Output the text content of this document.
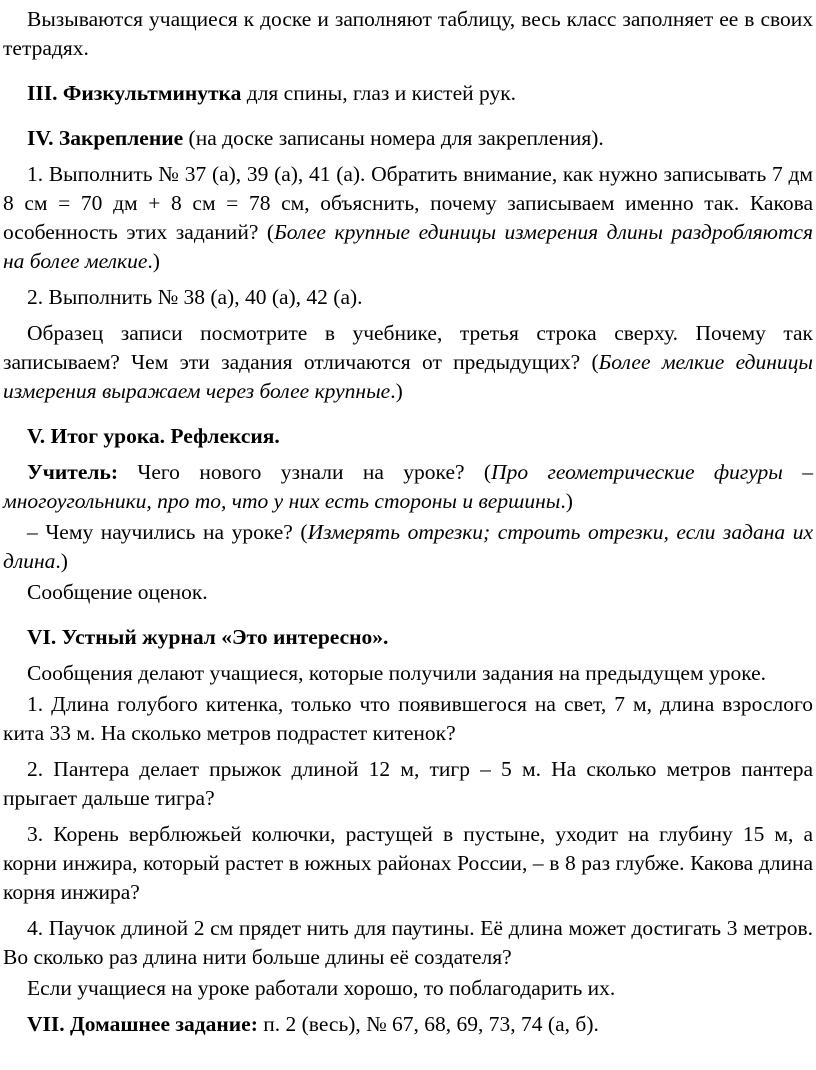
Вызываются учащиеся к доске и заполняют таблицу, весь класс заполняет ее в своих тетрадях.

III. Физкультминутка для спины, глаз и кистей рук.

IV. Закрепление (на доске записаны номера для закрепления).

1. Выполнить № 37 (а), 39 (а), 41 (а). Обратить внимание, как нужно записывать 7 дм 8 см = 70 дм + 8 см = 78 см, объяснить, почему записываем именно так. Какова особенность этих заданий? (Более крупные единицы измерения длины раздробляются на более мелкие.)

2. Выполнить № 38 (а), 40 (а), 42 (а).

Образец записи посмотрите в учебнике, третья строка сверху. Почему так записываем? Чем эти задания отличаются от предыдущих? (Более мелкие единицы измерения выражаем через более крупные.)

V. Итог урока. Рефлексия.

Учитель: Чего нового узнали на уроке? (Про геометрические фигуры – многоугольники, про то, что у них есть стороны и вершины.)

– Чему научились на уроке? (Измерять отрезки; строить отрезки, если задана их длина.)

Сообщение оценок.

VI. Устный журнал «Это интересно».

Сообщения делают учащиеся, которые получили задания на предыдущем уроке.

1. Длина голубого китенка, только что появившегося на свет, 7 м, длина взрослого кита 33 м. На сколько метров подрастет китенок?

2. Пантера делает прыжок длиной 12 м, тигр – 5 м. На сколько метров пантера прыгает дальше тигра?

3. Корень верблюжьей колючки, растущей в пустыне, уходит на глубину 15 м, а корни инжира, который растет в южных районах России, – в 8 раз глубже. Какова длина корня инжира?

4. Паучок длиной 2 см прядет нить для паутины. Её длина может достигать 3 метров. Во сколько раз длина нити больше длины её создателя?

Если учащиеся на уроке работали хорошо, то поблагодарить их.

VII. Домашнее задание: п. 2 (весь), № 67, 68, 69, 73, 74 (а, б).
